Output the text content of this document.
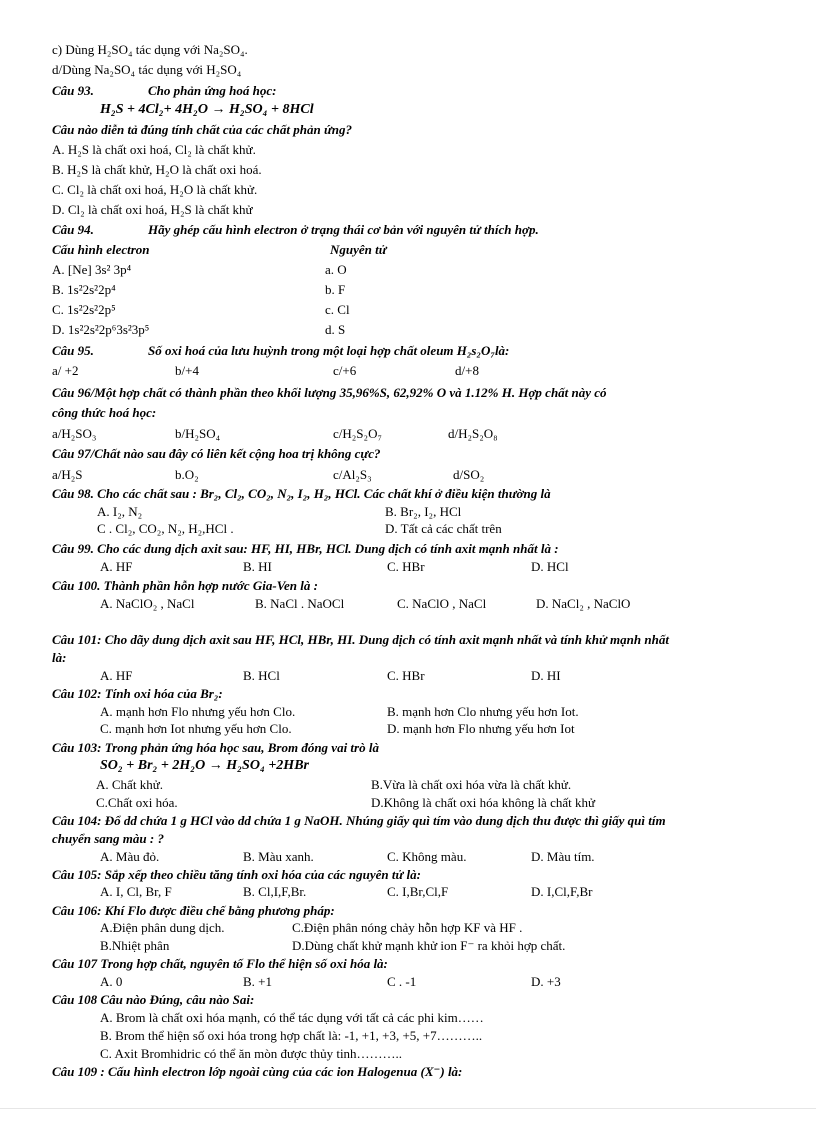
c) Dùng H₂SO₄ tác dụng với Na₂SO₄.
d/Dùng Na₂SO₄ tác dụng với H₂SO₄
Câu 93.	Cho phản ứng hoá học:
H₂S + 4Cl₂+ 4H₂O → H₂SO₄ + 8HCl
Câu nào diễn tả đúng tính chất của các chất phản ứng?
A. H₂S là chất oxi hoá, Cl₂ là chất khử.
B. H₂S là chất khử, H₂O là chất oxi hoá.
C. Cl₂ là chất oxi hoá, H₂O là chất khử.
D. Cl₂ là chất oxi hoá, H₂S là chất khử
Câu 94.	Hãy ghép cấu hình electron ở trạng thái cơ bản với nguyên tử thích hợp.
Cấu hình electron	Nguyên tử
A. [Ne] 3s² 3p⁴	a. O
B. 1s²2s²2p⁴	b. F
C. 1s²2s²2p⁵	c. Cl
D. 1s²2s²2p⁶3s²3p⁵	d. S
Câu 95.	Số oxi hoá của lưu huỳnh trong một loại hợp chất oleum H₂s₂O₇là:
a/ +2	b/+4	c/+6	d/+8
Câu 96/Một hợp chất có thành phần theo khối lượng 35,96%S, 62,92% O và 1.12% H. Hợp chất này có
công thức hoá học:
a/H₂SO₃	b/H₂SO₄	c/H₂S₂O₇	d/H₂S₂O₈
Câu 97/Chất nào sau đây có liên kết cộng hoa trị không cực?
a/H₂S	b.O₂	c/Al₂S₃	d/SO₂
Câu 98. Cho các chất sau : Br₂, Cl₂, CO₂, N₂, I₂, H₂, HCl. Các chất khí ở điều kiện thường là
A. I₂, N₂	B. Br₂, I₂, HCl
C . Cl₂, CO₂, N₂, H₂,HCl .	D. Tất cả các chất trên
Câu 99. Cho các dung dịch axit sau: HF, HI, HBr, HCl. Dung dịch có tính axit mạnh nhất là :
A. HF	B. HI	C. HBr	D. HCl
Câu 100. Thành phần hỗn hợp nước Gia-Ven là :
A. NaClO₂ , NaCl	B. NaCl . NaOCl	C. NaClO , NaCl	D. NaCl₂ , NaClO
Câu 101: Cho dãy dung dịch axit sau HF, HCl, HBr, HI. Dung dịch có tính axit mạnh nhất và tính khử mạnh nhất
là:
A. HF	B. HCl	C. HBr	D. HI
Câu 102: Tính oxi hóa của Br₂:
A. mạnh hơn Flo nhưng yếu hơn Clo.	B. mạnh hơn Clo nhưng yếu hơn Iot.
C. mạnh hơn Iot nhưng yếu hơn Clo.	D. mạnh hơn Flo nhưng yếu hơn Iot
Câu 103: Trong phản ứng hóa học sau, Brom đóng vai trò là
SO₂ + Br₂ + 2H₂O → H₂SO₄ +2HBr
A. Chất khử.	B.Vừa là chất oxi hóa vừa là chất khử.
C.Chất oxi hóa.	D.Không là chất oxi hóa không là chất khử
Câu 104: Đổ dd chứa 1 g HCl vào dd chứa 1 g NaOH. Nhúng giấy quì tím vào dung dịch thu được thì giấy quì tím
chuyển sang màu : ?
A. Màu đỏ.	B. Màu xanh.	C. Không màu.	D. Màu tím.
Câu 105: Sắp xếp theo chiều tăng tính oxi hóa của các nguyên tử là:
A. I, Cl, Br, F	B. Cl,I,F,Br.	C. I,Br,Cl,F	D. I,Cl,F,Br
Câu 106: Khí Flo được điều chế bằng phương pháp:
A.Điện phân dung dịch.	C.Điện phân nóng chảy hỗn hợp KF và HF .
B.Nhiệt phân	D.Dùng chất khử mạnh khử ion F⁻ ra khỏi hợp chất.
Câu 107 Trong hợp chất, nguyên tố Flo thể hiện số oxi hóa là:
A. 0	B. +1	C . -1	D. +3
Câu 108 Câu nào Đúng, câu nào Sai:
A. Brom là chất oxi hóa mạnh, có thể tác dụng với tất cả các phi kim……
B. Brom thể hiện số oxi hóa trong hợp chất là: -1, +1, +3, +5, +7………..
C. Axit Bromhidric có thể ăn mòn được thủy tinh………..
Câu 109 : Cấu hình electron lớp ngoài cùng của các ion Halogenua (X⁻) là:
